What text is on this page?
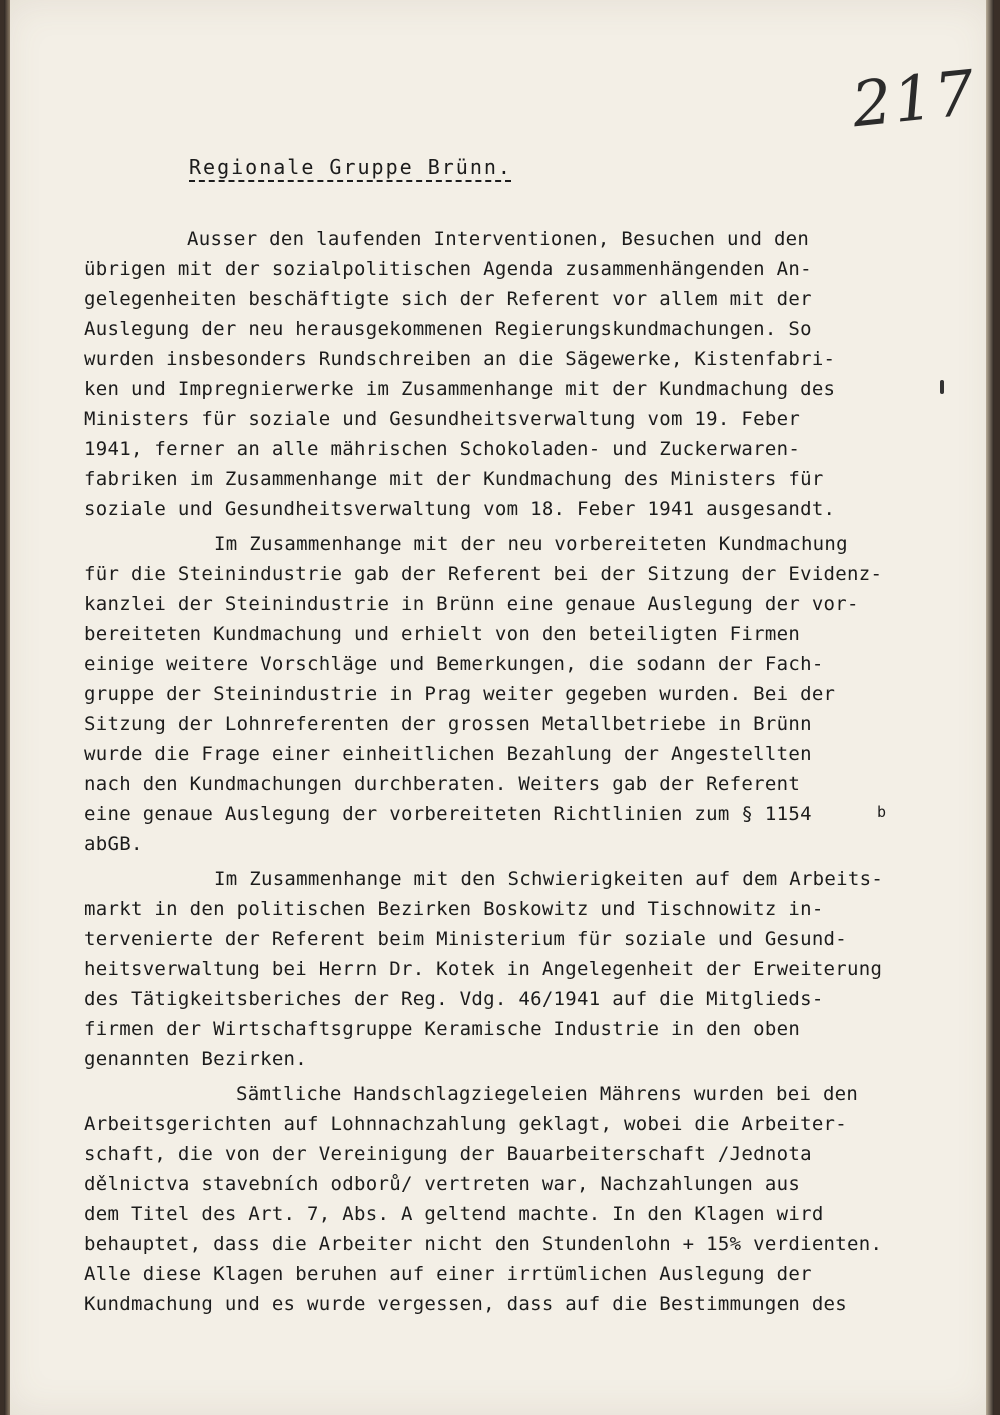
217
Regionale Gruppe Brünn.
Ausser den laufenden Interventionen, Besuchen und den
übrigen mit der sozialpolitischen Agenda zusammenhängenden An-
gelegenheiten beschäftigte sich der Referent vor allem mit der
Auslegung der neu herausgekommenen Regierungskundmachungen. So
wurden insbesonders Rundschreiben an die Sägewerke, Kistenfabri-
ken und Impregnierwerke im Zusammenhange mit der Kundmachung des
Ministers für soziale und Gesundheitsverwaltung vom 19. Feber
1941, ferner an alle mährischen Schokoladen- und Zuckerwaren-
fabriken im Zusammenhange mit der Kundmachung des Ministers für
soziale und Gesundheitsverwaltung vom 18. Feber 1941 ausgesandt.
Im Zusammenhange mit der neu vorbereiteten Kundmachung
für die Steinindustrie gab der Referent bei der Sitzung der Evidenz-
kanzlei der Steinindustrie in Brünn eine genaue Auslegung der vor-
bereiteten Kundmachung und erhielt von den beteiligten Firmen
einige weitere Vorschläge und Bemerkungen, die sodann der Fach-
gruppe der Steinindustrie in Prag weiter gegeben wurden. Bei der
Sitzung der Lohnreferenten der grossen Metallbetriebe in Brünn
wurde die Frage einer einheitlichen Bezahlung der Angestellten
nach den Kundmachungen durchberaten. Weiters gab der Referent
eine genaue Auslegung der vorbereiteten Richtlinien zum § 1154
abGB.
Im Zusammenhange mit den Schwierigkeiten auf dem Arbeits-
markt in den politischen Bezirken Boskowitz und Tischnowitz in-
tervenierte der Referent beim Ministerium für soziale und Gesund-
heitsverwaltung bei Herrn Dr. Kotek in Angelegenheit der Erweiterung
des Tätigkeitsberiches der Reg. Vdg. 46/1941 auf die Mitglieds-
firmen der Wirtschaftsgruppe Keramische Industrie in den oben
genannten Bezirken.
Sämtliche Handschlagziegeleien Mährens wurden bei den
Arbeitsgerichten auf Lohnnachzahlung geklagt, wobei die Arbeiter-
schaft, die von der Vereinigung der Bauarbeiterschaft /Jednota
dělnictva stavebních odborů/ vertreten war, Nachzahlungen aus
dem Titel des Art. 7, Abs. A geltend machte. In den Klagen wird
behauptet, dass die Arbeiter nicht den Stundenlohn + 15% verdienten.
Alle diese Klagen beruhen auf einer irrtümlichen Auslegung der
Kundmachung und es wurde vergessen, dass auf die Bestimmungen des
b
